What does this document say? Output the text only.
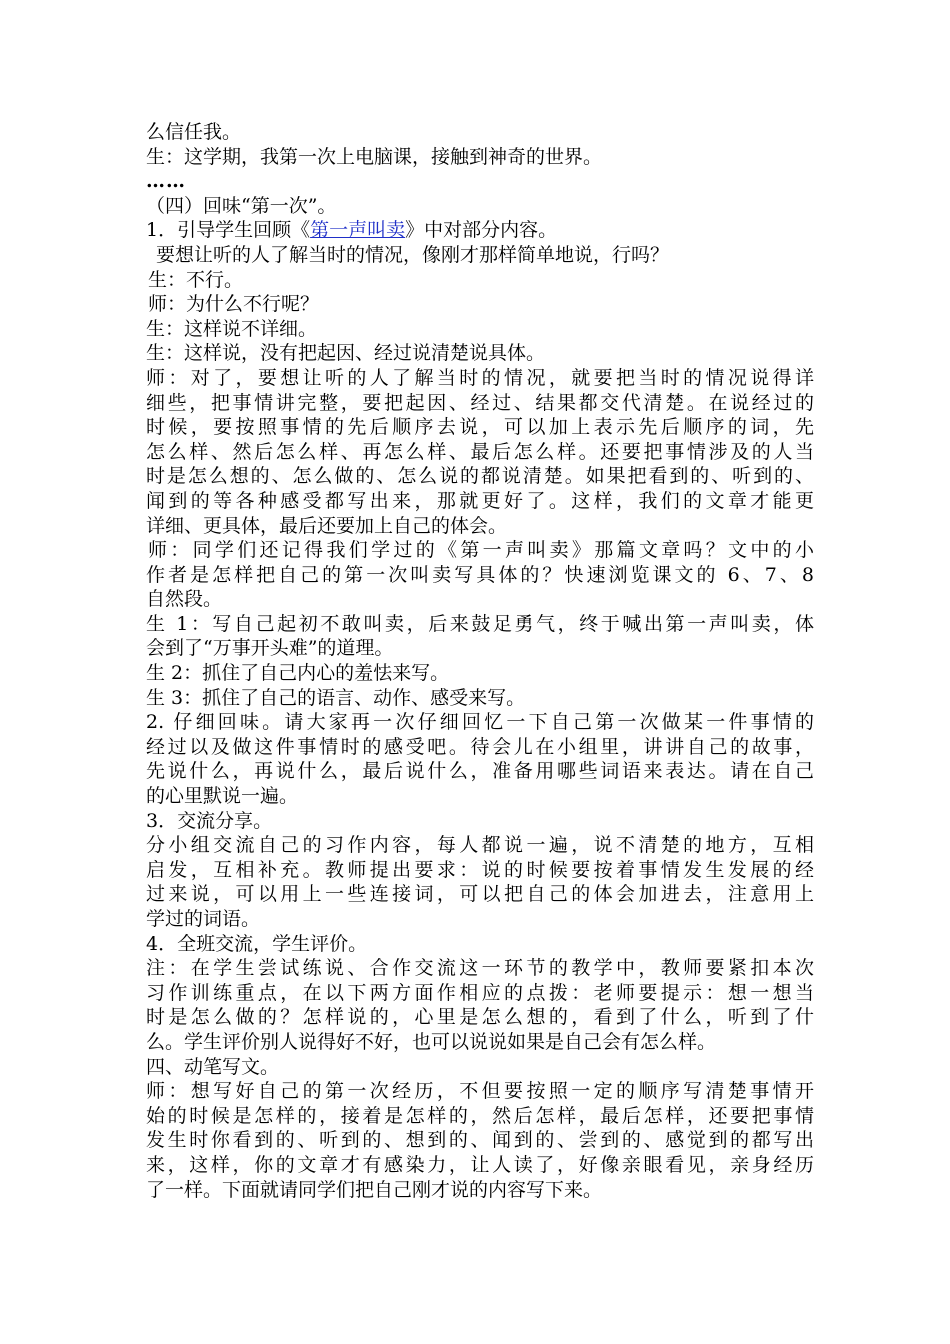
么信任我。
生：这学期，我第一次上电脑课，接触到神奇的世界。
……
（四）回味“第一次”。
1．引导学生回顾《第一声叫卖》中对部分内容。
要想让听的人了解当时的情况，像刚才那样简单地说，行吗？
生：不行。
师：为什么不行呢？
生：这样说不详细。
生：这样说，没有把起因、经过说清楚说具体。
师：对了，要想让听的人了解当时的情况，就要把当时的情况说得详
细些，把事情讲完整，要把起因、经过、结果都交代清楚。在说经过的
时候，要按照事情的先后顺序去说，可以加上表示先后顺序的词，先
怎么样、然后怎么样、再怎么样、最后怎么样。还要把事情涉及的人当
时是怎么想的、怎么做的、怎么说的都说清楚。如果把看到的、听到的、
闻到的等各种感受都写出来，那就更好了。这样，我们的文章才能更
详细、更具体，最后还要加上自己的体会。
师：同学们还记得我们学过的《第一声叫卖》那篇文章吗？文中的小
作者是怎样把自己的第一次叫卖写具体的？快速浏览课文的 6、7、8
自然段。
生 1：写自己起初不敢叫卖，后来鼓足勇气，终于喊出第一声叫卖，体
会到了“万事开头难”的道理。
生 2：抓住了自己内心的羞怯来写。
生 3：抓住了自己的语言、动作、感受来写。
2. 仔细回味。请大家再一次仔细回忆一下自己第一次做某一件事情的
经过以及做这件事情时的感受吧。待会儿在小组里，讲讲自己的故事，
先说什么，再说什么，最后说什么，准备用哪些词语来表达。请在自己
的心里默说一遍。
3．交流分享。
分小组交流自己的习作内容，每人都说一遍，说不清楚的地方，互相
启发，互相补充。教师提出要求：说的时候要按着事情发生发展的经
过来说，可以用上一些连接词，可以把自己的体会加进去，注意用上
学过的词语。
4．全班交流，学生评价。
注：在学生尝试练说、合作交流这一环节的教学中，教师要紧扣本次
习作训练重点，在以下两方面作相应的点拨：老师要提示：想一想当
时是怎么做的？怎样说的，心里是怎么想的，看到了什么，听到了什
么。学生评价别人说得好不好，也可以说说如果是自己会有怎么样。
四、动笔写文。
师：想写好自己的第一次经历，不但要按照一定的顺序写清楚事情开
始的时候是怎样的，接着是怎样的，然后怎样，最后怎样，还要把事情
发生时你看到的、听到的、想到的、闻到的、尝到的、感觉到的都写出
来，这样，你的文章才有感染力，让人读了，好像亲眼看见，亲身经历
了一样。下面就请同学们把自己刚才说的内容写下来。
